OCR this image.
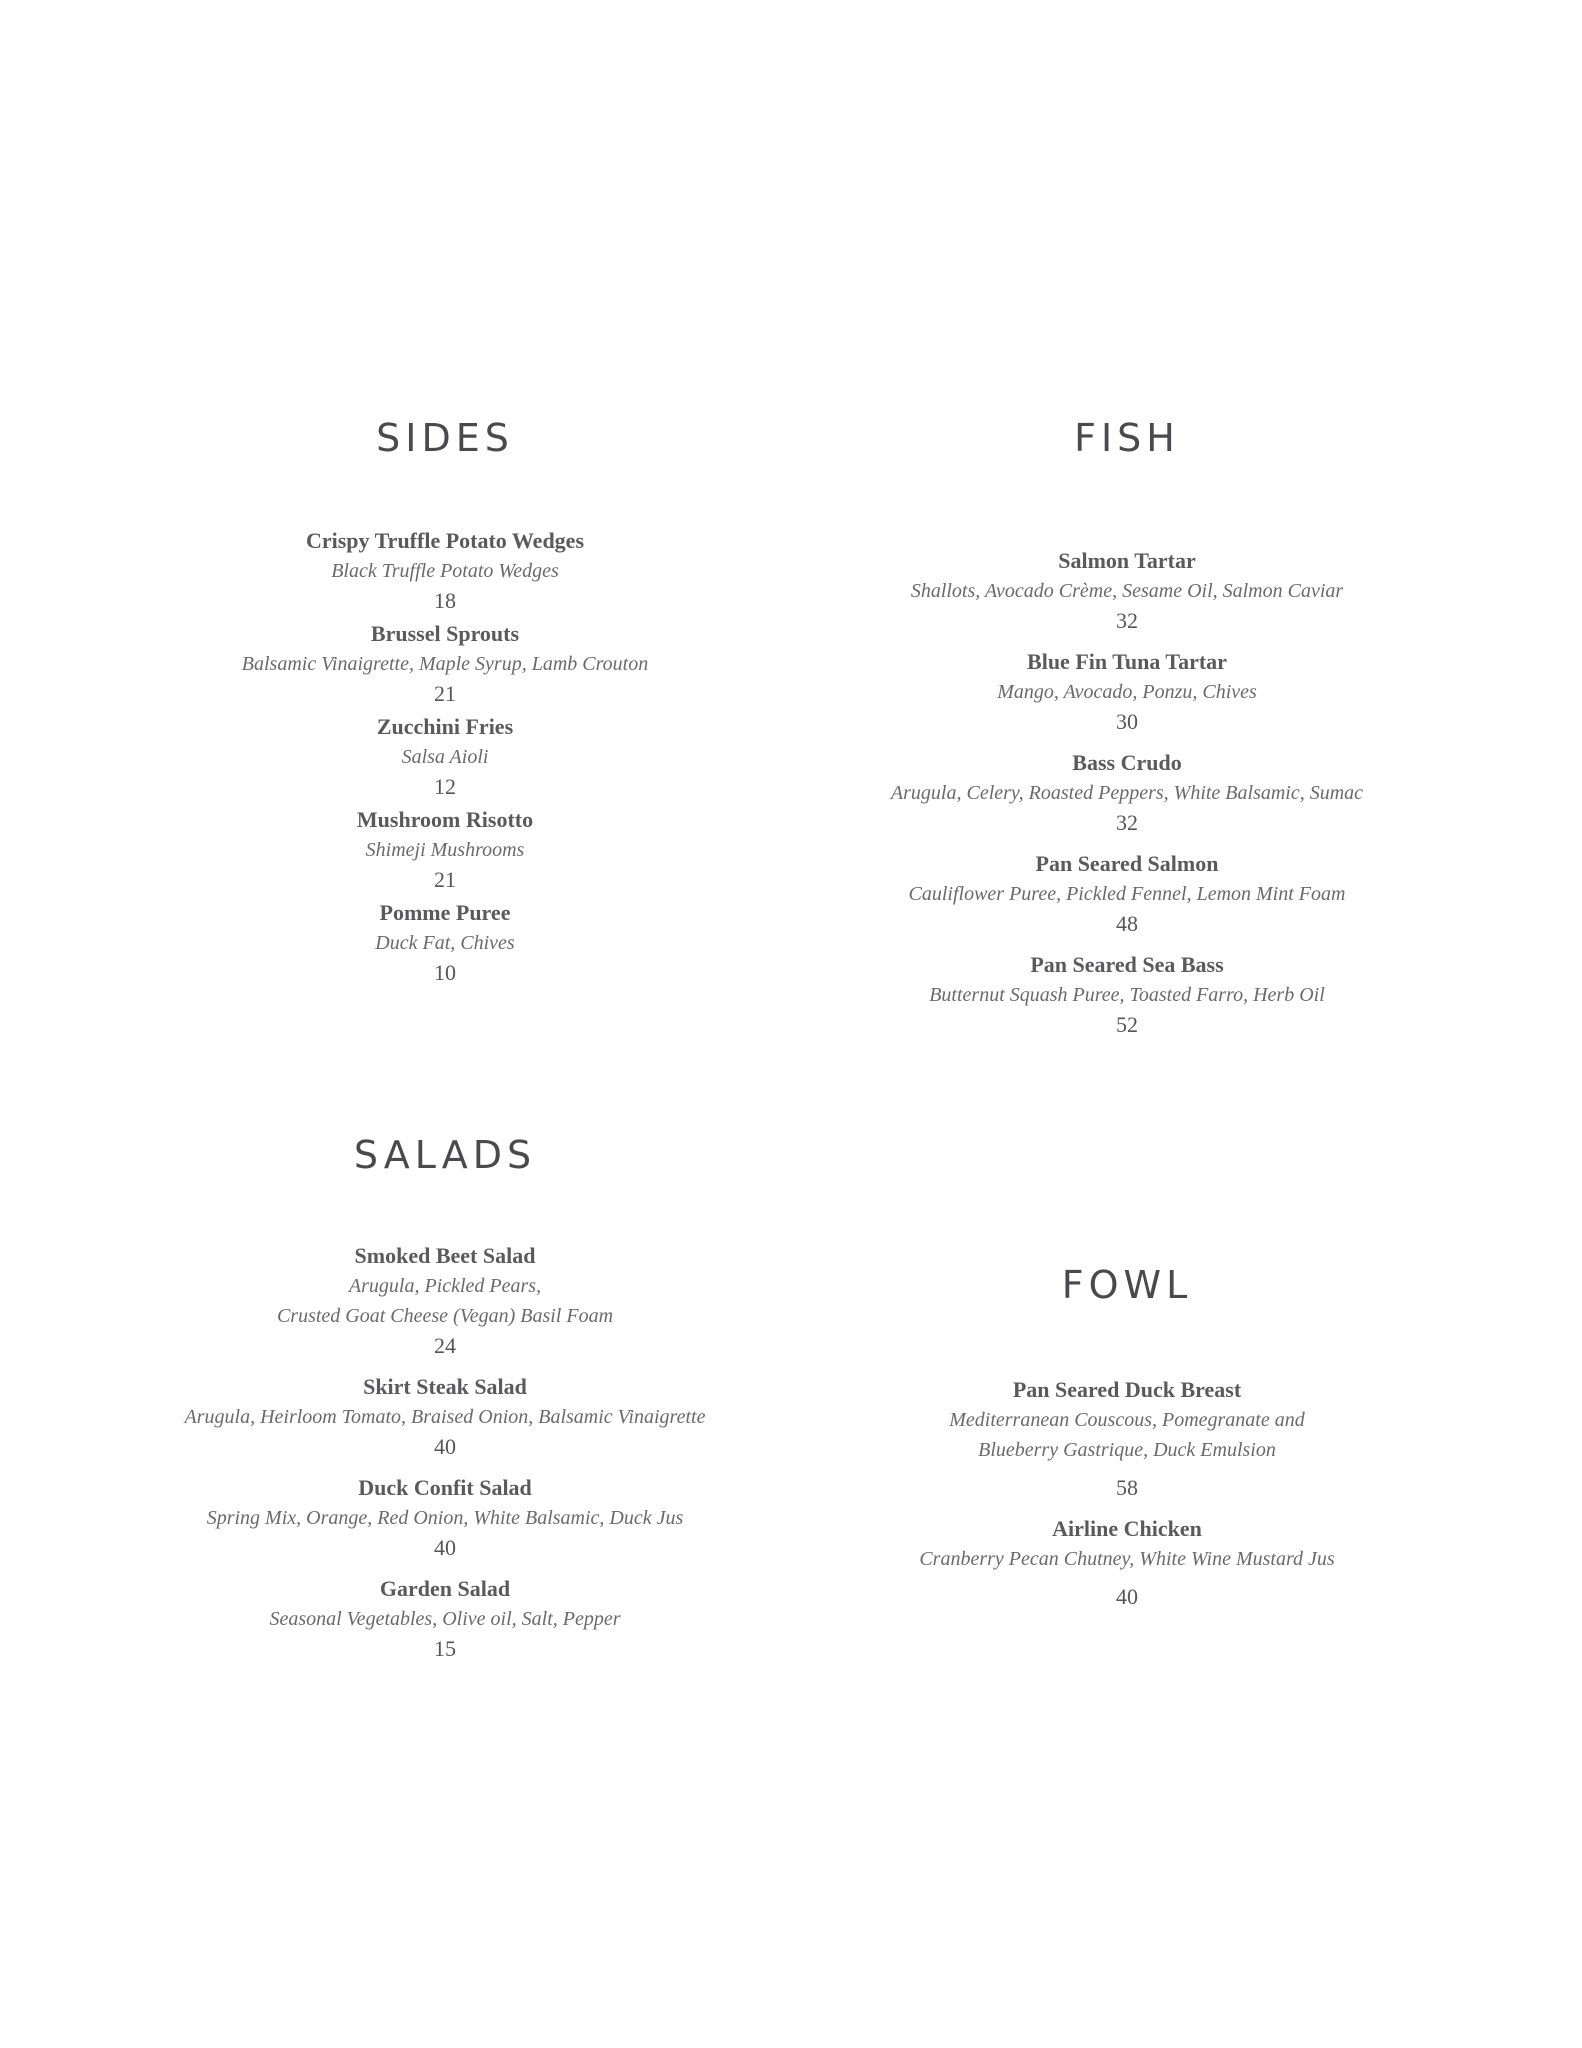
SIDES
Crispy Truffle Potato Wedges
Black Truffle Potato Wedges
18
Brussel Sprouts
Balsamic Vinaigrette, Maple Syrup, Lamb Crouton
21
Zucchini Fries
Salsa Aioli
12
Mushroom Risotto
Shimeji Mushrooms
21
Pomme Puree
Duck Fat, Chives
10
FISH
Salmon Tartar
Shallots, Avocado Crème, Sesame Oil, Salmon Caviar
32
Blue Fin Tuna Tartar
Mango, Avocado, Ponzu, Chives
30
Bass Crudo
Arugula, Celery, Roasted Peppers, White Balsamic, Sumac
32
Pan Seared Salmon
Cauliflower Puree, Pickled Fennel, Lemon Mint Foam
48
Pan Seared Sea Bass
Butternut Squash Puree, Toasted Farro, Herb Oil
52
SALADS
Smoked Beet Salad
Arugula, Pickled Pears,
Crusted Goat Cheese (Vegan) Basil Foam
24
Skirt Steak Salad
Arugula, Heirloom Tomato, Braised Onion, Balsamic Vinaigrette
40
Duck Confit Salad
Spring Mix, Orange, Red Onion, White Balsamic, Duck Jus
40
Garden Salad
Seasonal Vegetables, Olive oil, Salt, Pepper
15
FOWL
Pan Seared Duck Breast
Mediterranean Couscous, Pomegranate and
Blueberry Gastrique, Duck Emulsion
58
Airline Chicken
Cranberry Pecan Chutney, White Wine Mustard Jus
40
